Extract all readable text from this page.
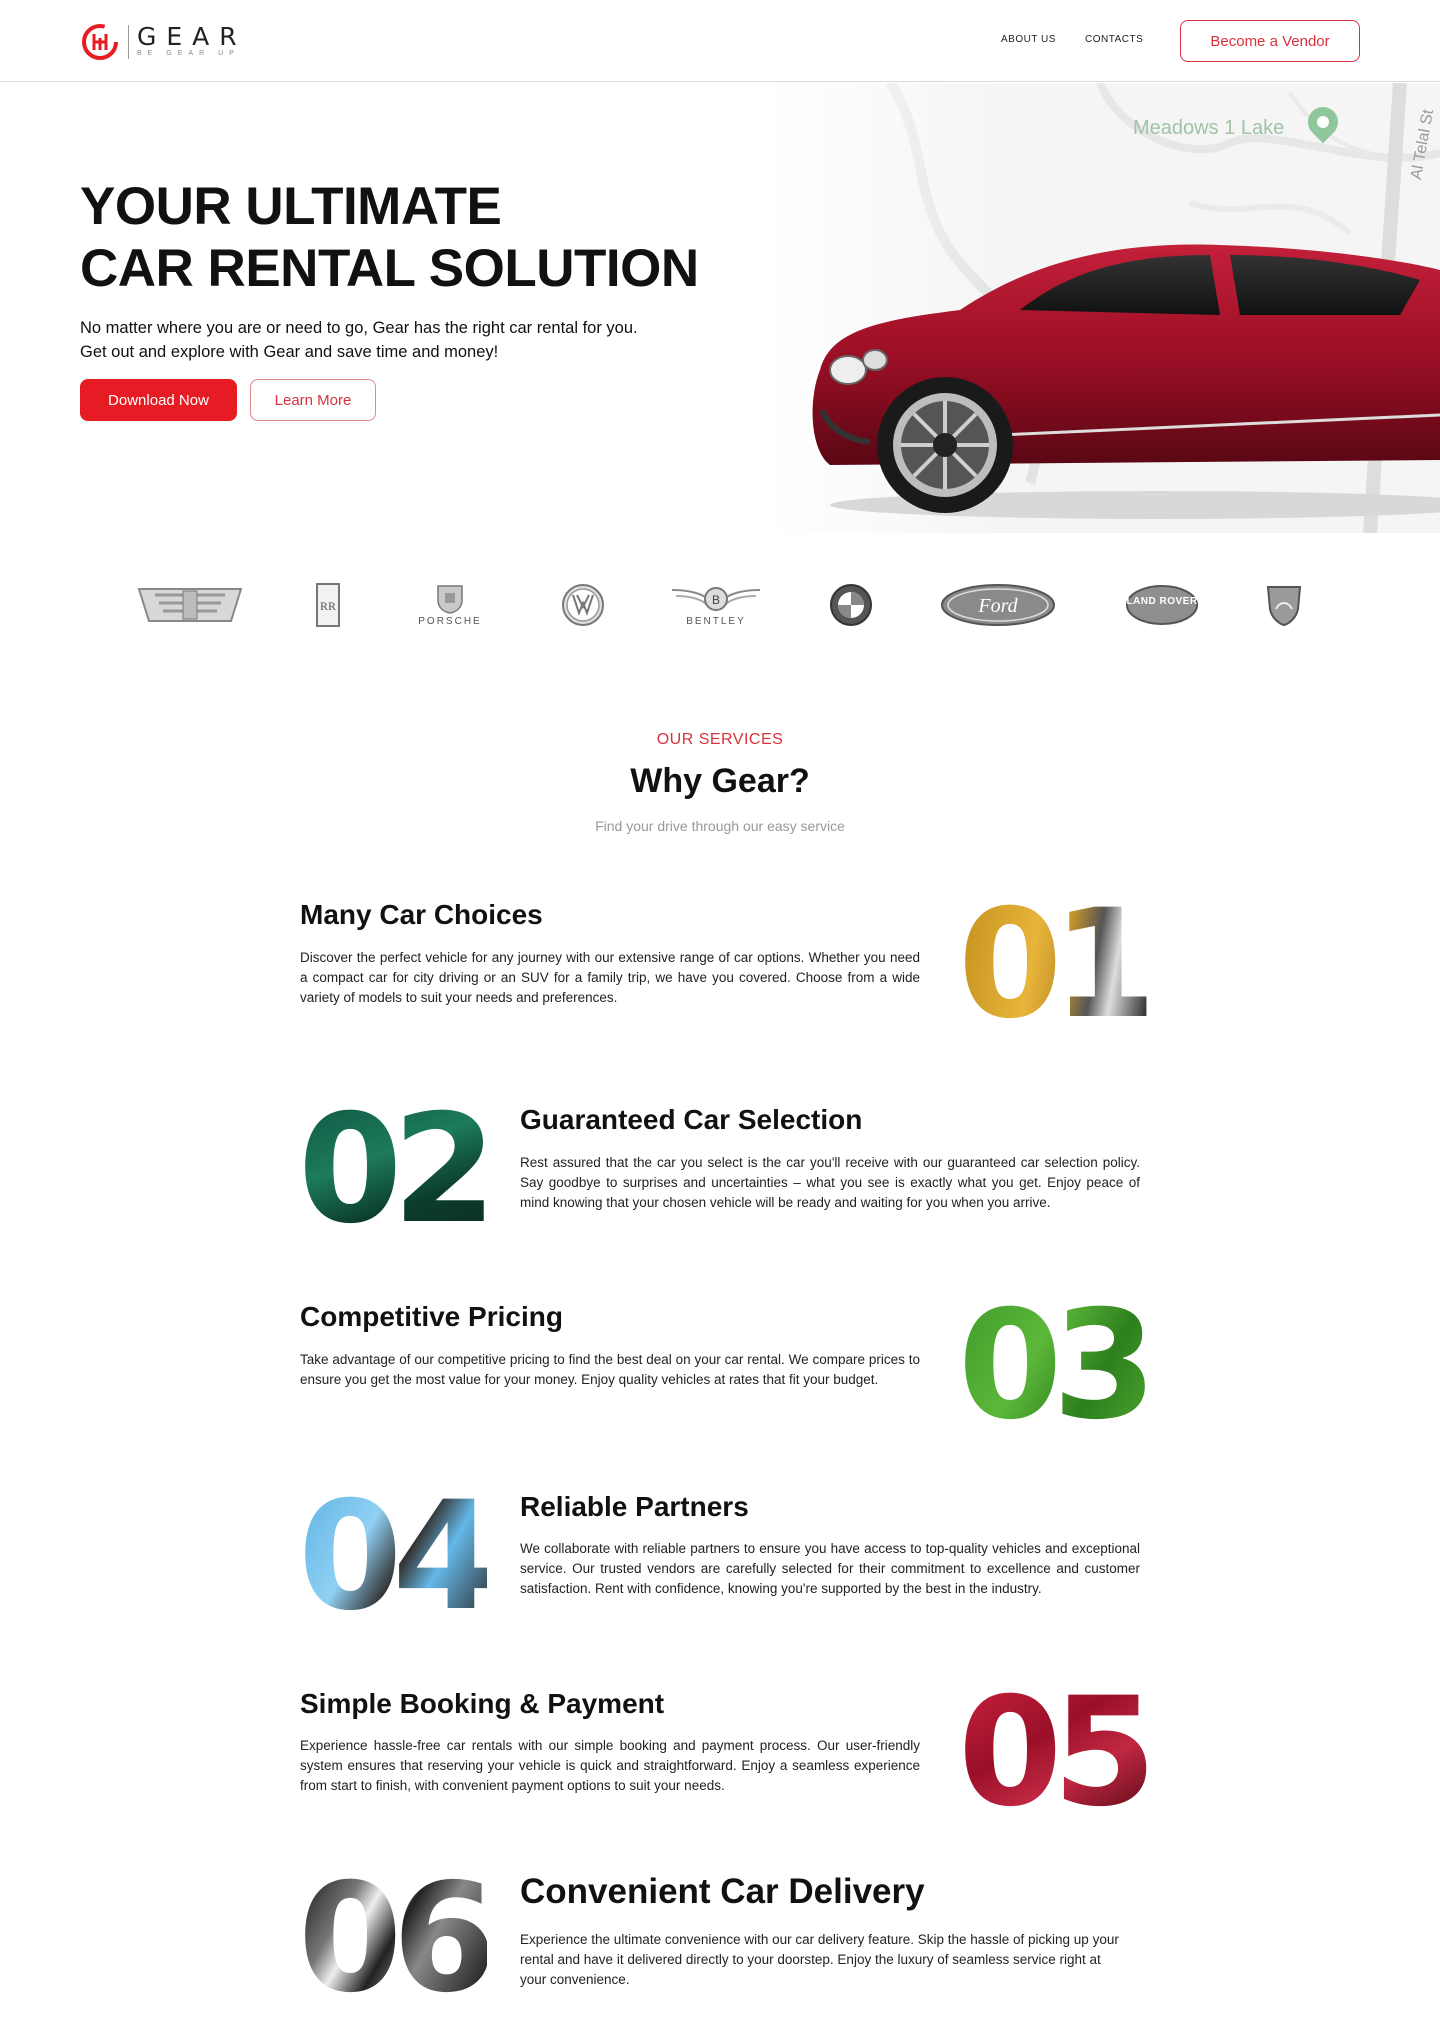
GEAR
BE GEAR UP
ABOUT US	CONTACTS	Become a Vendor
Meadows 1 Lake	Al Telal St
YOUR ULTIMATE
CAR RENTAL SOLUTION

No matter where you are or need to go, Gear has the right car rental for you.
Get out and explore with Gear and save time and money!

Download Now	Learn More
RR
PORSCHE
B
BENTLEY
Ford	LAND ROVER
OUR SERVICES
Why Gear?

Find your drive through our easy service

Many Car Choices

Discover the perfect vehicle for any journey with our extensive range of car options. Whether you need a compact car for city driving or an SUV for a family trip, we have you covered. Choose from a wide variety of models to suit your needs and preferences.	01
02 Guaranteed Car Selection

Rest assured that the car you select is the car you'll receive with our guaranteed car selection policy. Say goodbye to surprises and uncertainties – what you see is exactly what you get. Enjoy peace of mind knowing that your chosen vehicle will be ready and waiting for you when you arrive.

Competitive Pricing

Take advantage of our competitive pricing to find the best deal on your car rental. We compare prices to ensure you get the most value for your money. Enjoy quality vehicles at rates that fit your budget. 03
04 Reliable Partners

We collaborate with reliable partners to ensure you have access to top-quality vehicles and exceptional service. Our trusted vendors are carefully selected for their commitment to excellence and customer satisfaction. Rent with confidence, knowing you're supported by the best in the industry.

Simple Booking & Payment

Experience hassle-free car rentals with our simple booking and payment process. Our user-friendly system ensures that reserving your vehicle is quick and straightforward. Enjoy a seamless experience from start to finish, with convenient payment options to suit your needs.	05
06 Convenient Car Delivery

Experience the ultimate convenience with our car delivery feature. Skip the hassle of picking up your rental and have it delivered directly to your doorstep. Enjoy the luxury of seamless service right at your convenience.
